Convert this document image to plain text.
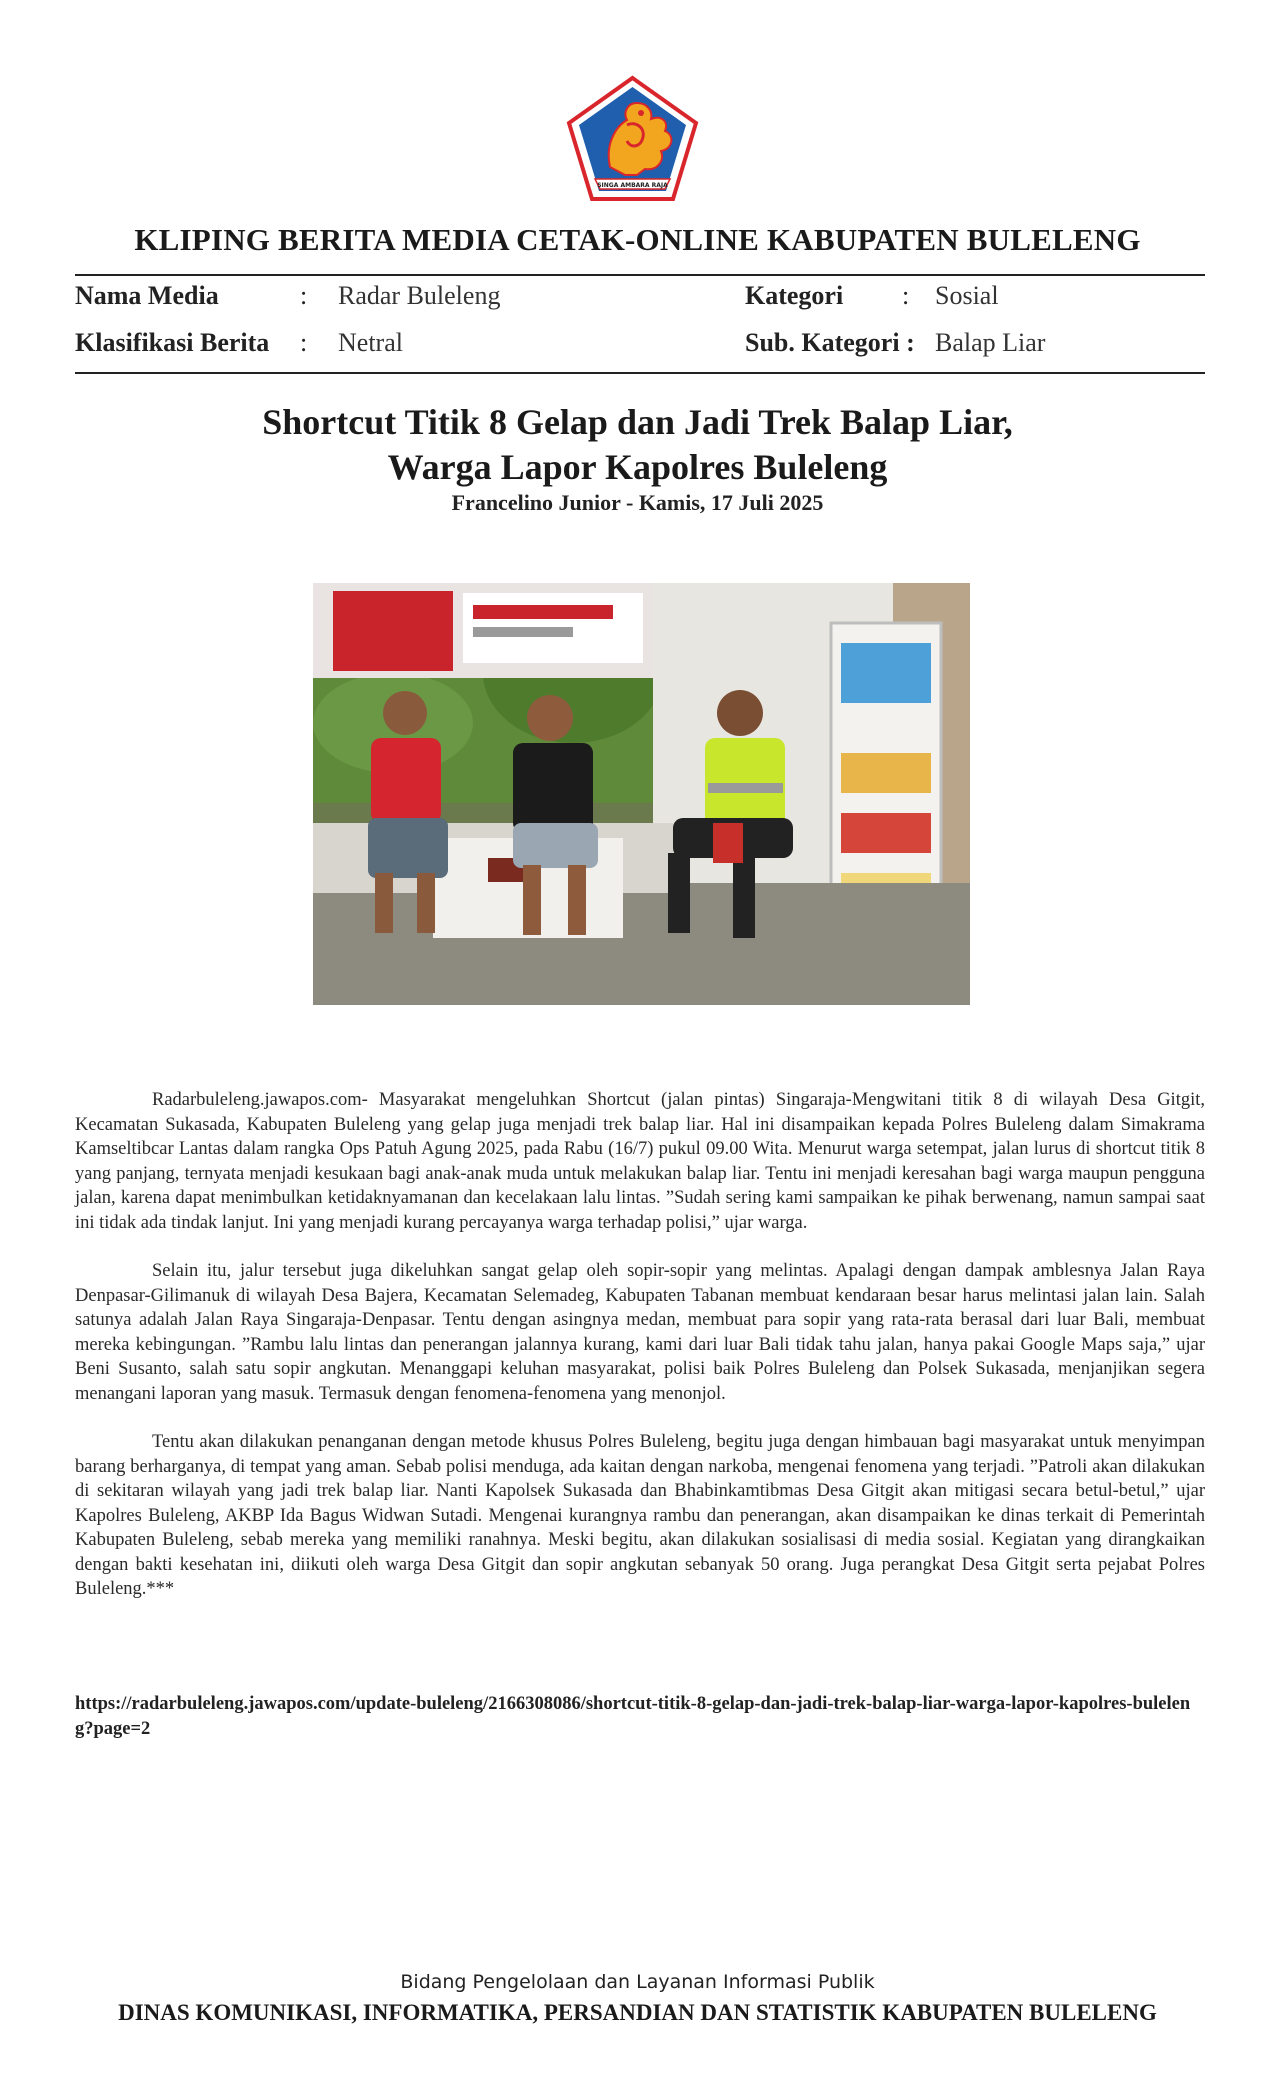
SINGA AMBARA RAJA
KLIPING BERITA MEDIA CETAK-ONLINE KABUPATEN BULELENG
Nama Media	: Radar Buleleng	Kategori : Sosial
Klasifikasi Berita : Netral	Sub. Kategori : Balap Liar
Shortcut Titik 8 Gelap dan Jadi Trek Balap Liar,
Warga Lapor Kapolres Buleleng
Francelino Junior - Kamis, 17 Juli 2025

Radarbuleleng.jawapos.com- Masyarakat mengeluhkan Shortcut (jalan pintas) Singaraja-Mengwitani titik 8 di wilayah Desa Gitgit, Kecamatan Sukasada, Kabupaten Buleleng yang gelap juga menjadi trek balap liar. Hal ini disampaikan kepada Polres Buleleng dalam Simakrama Kamseltibcar Lantas dalam rangka Ops Patuh Agung 2025, pada Rabu (16/7) pukul 09.00 Wita. Menurut warga setempat, jalan lurus di shortcut titik 8 yang panjang, ternyata menjadi kesukaan bagi anak-anak muda untuk melakukan balap liar. Tentu ini menjadi keresahan bagi warga maupun pengguna jalan, karena dapat menimbulkan ketidaknyamanan dan kecelakaan lalu lintas. ”Sudah sering kami sampaikan ke pihak berwenang, namun sampai saat ini tidak ada tindak lanjut. Ini yang menjadi kurang percayanya warga terhadap polisi,” ujar warga.

Selain itu, jalur tersebut juga dikeluhkan sangat gelap oleh sopir-sopir yang melintas. Apalagi dengan dampak amblesnya Jalan Raya Denpasar-Gilimanuk di wilayah Desa Bajera, Kecamatan Selemadeg, Kabupaten Tabanan membuat kendaraan besar harus melintasi jalan lain. Salah satunya adalah Jalan Raya Singaraja-Denpasar. Tentu dengan asingnya medan, membuat para sopir yang rata-rata berasal dari luar Bali, membuat mereka kebingungan. ”Rambu lalu lintas dan penerangan jalannya kurang, kami dari luar Bali tidak tahu jalan, hanya pakai Google Maps saja,” ujar Beni Susanto, salah satu sopir angkutan. Menanggapi keluhan masyarakat, polisi baik Polres Buleleng dan Polsek Sukasada, menjanjikan segera menangani laporan yang masuk. Termasuk dengan fenomena-fenomena yang menonjol.

Tentu akan dilakukan penanganan dengan metode khusus Polres Buleleng, begitu juga dengan himbauan bagi masyarakat untuk menyimpan barang berharganya, di tempat yang aman. Sebab polisi menduga, ada kaitan dengan narkoba, mengenai fenomena yang terjadi. ”Patroli akan dilakukan di sekitaran wilayah yang jadi trek balap liar. Nanti Kapolsek Sukasada dan Bhabinkamtibmas Desa Gitgit akan mitigasi secara betul-betul,” ujar Kapolres Buleleng, AKBP Ida Bagus Widwan Sutadi. Mengenai kurangnya rambu dan penerangan, akan disampaikan ke dinas terkait di Pemerintah Kabupaten Buleleng, sebab mereka yang memiliki ranahnya. Meski begitu, akan dilakukan sosialisasi di media sosial. Kegiatan yang dirangkaikan dengan bakti kesehatan ini, diikuti oleh warga Desa Gitgit dan sopir angkutan sebanyak 50 orang. Juga perangkat Desa Gitgit serta pejabat Polres Buleleng.***

https://radarbuleleng.jawapos.com/update-buleleng/2166308086/shortcut-titik-8-gelap-dan-jadi-trek-balap-liar-warga-lapor-kapolres-buleleng?page=2
Bidang Pengelolaan dan Layanan Informasi Publik
DINAS KOMUNIKASI, INFORMATIKA, PERSANDIAN DAN STATISTIK KABUPATEN BULELENG
